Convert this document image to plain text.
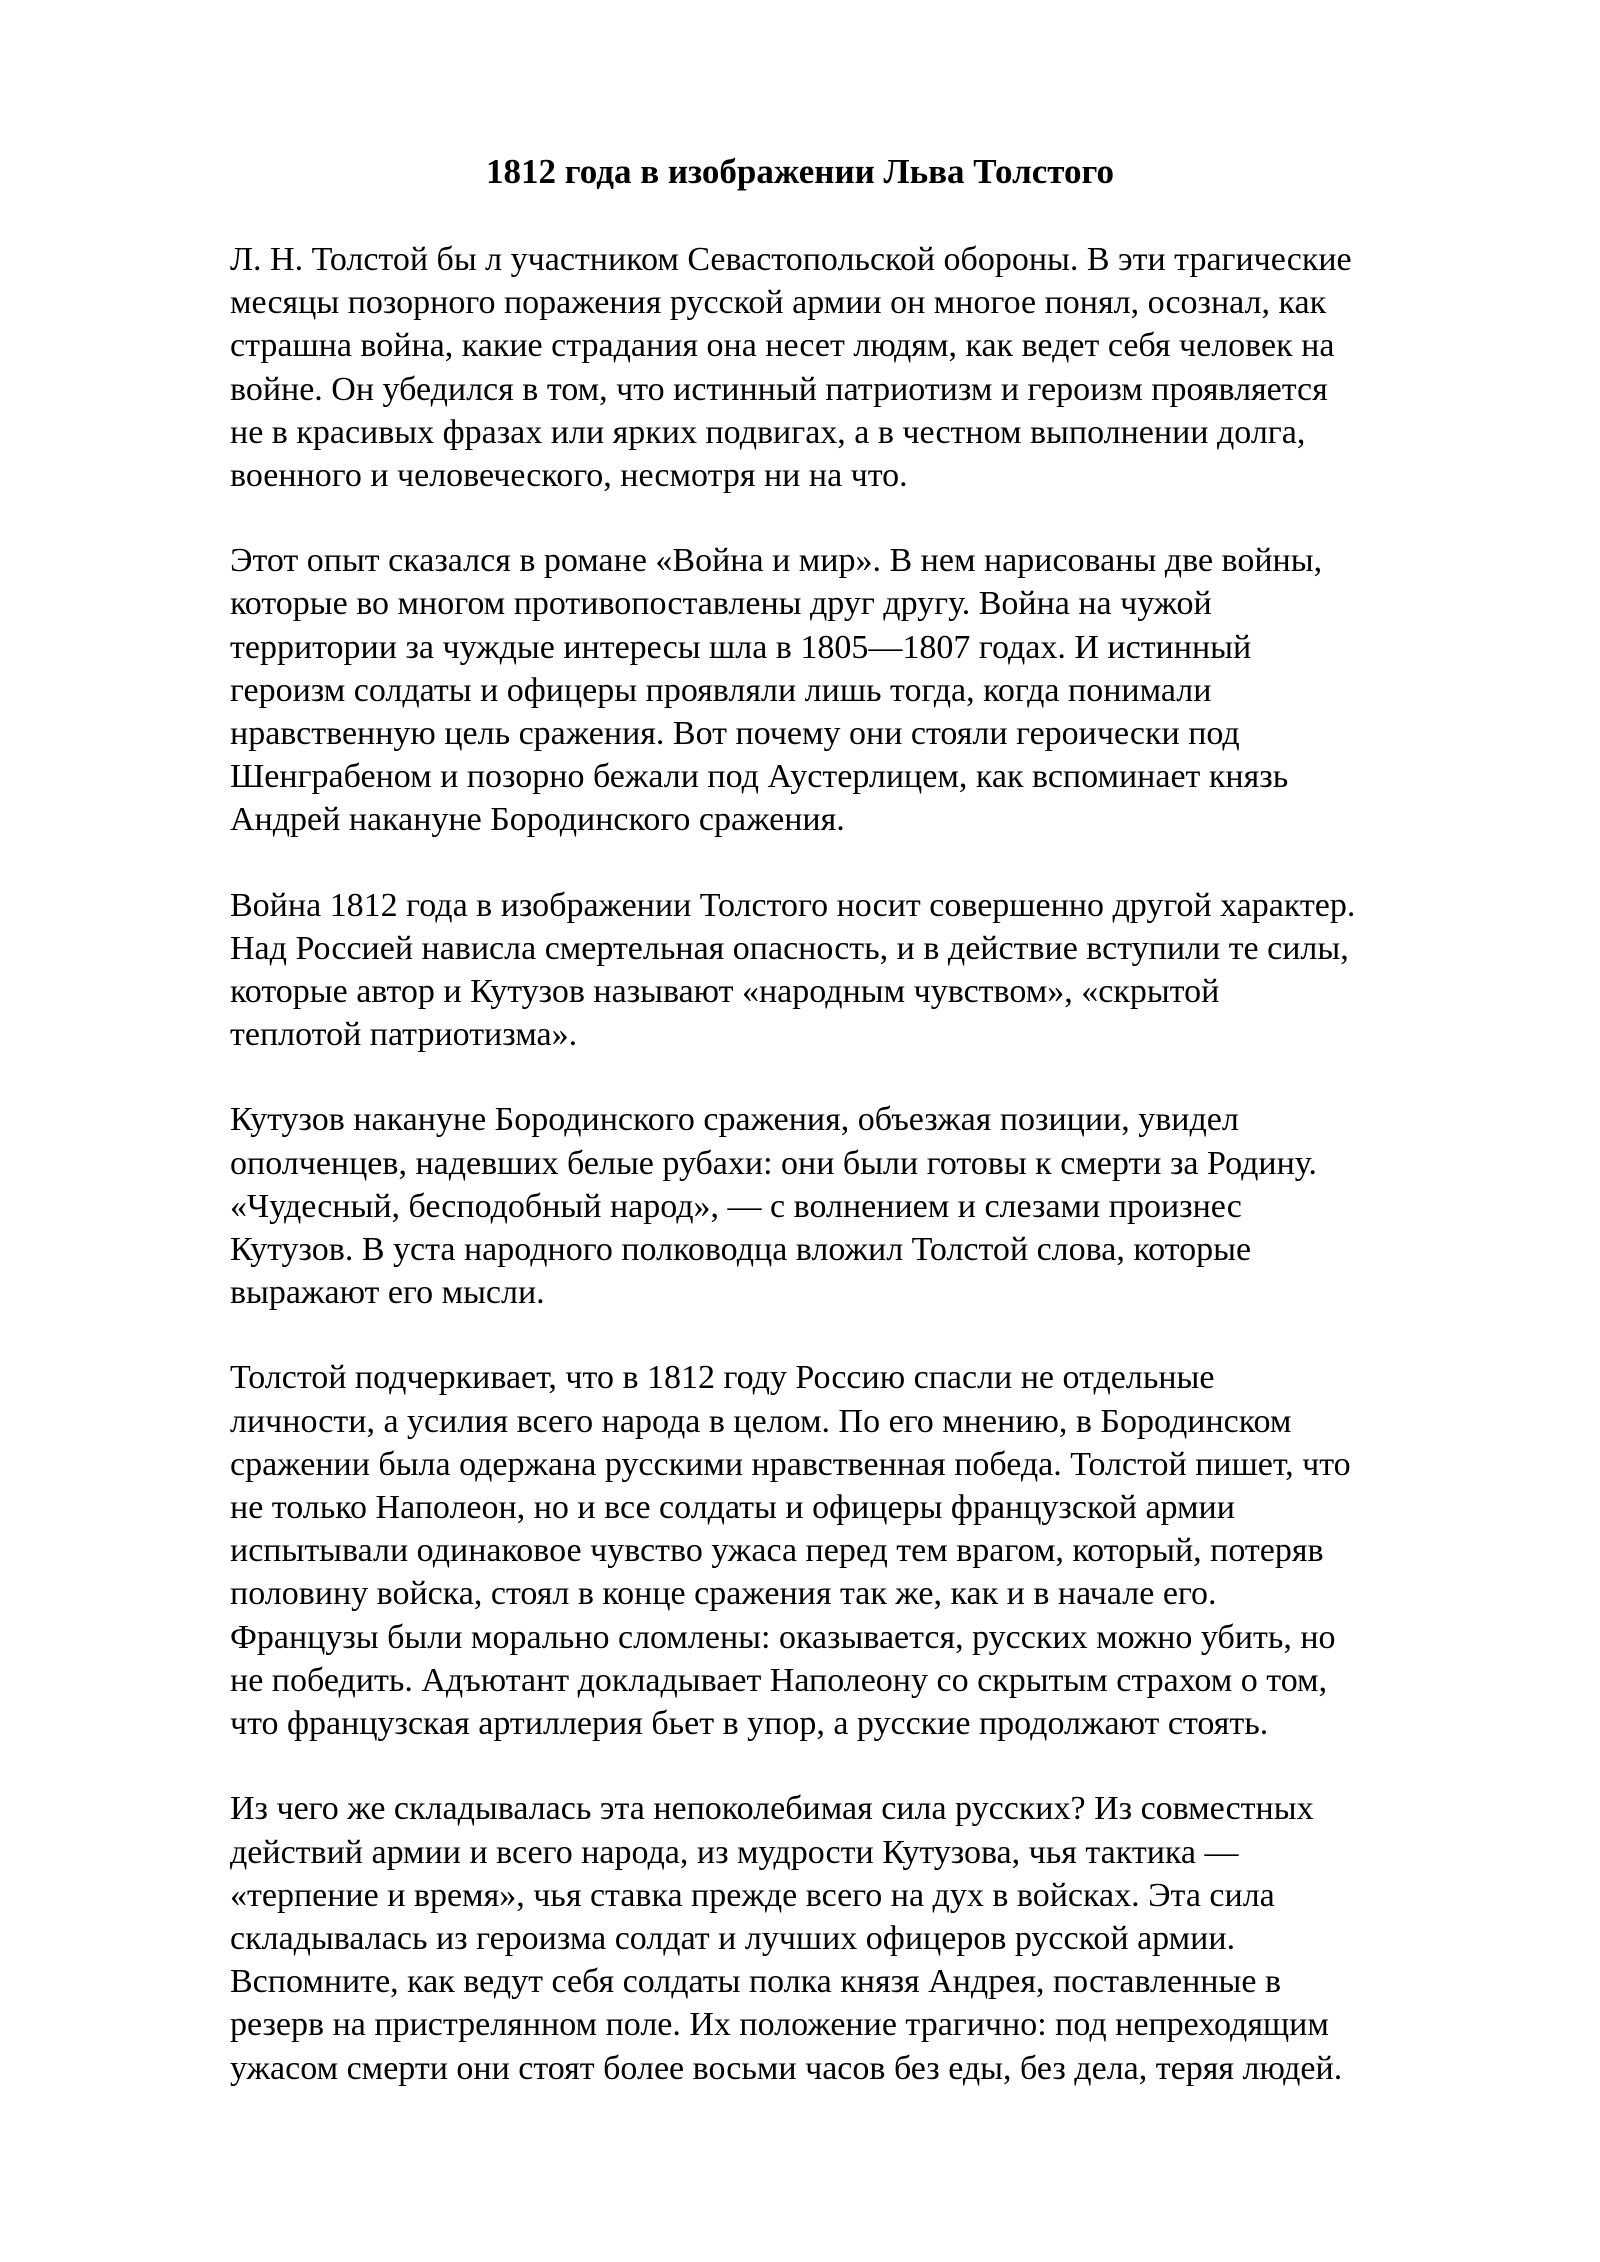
1812 года в изображении Льва Толстого

Л. Н. Толстой бы л участником Севастопольской обороны. В эти трагические
месяцы позорного поражения русской армии он многое понял, осознал, как
страшна война, какие страдания она несет людям, как ведет себя человек на
войне. Он убедился в том, что истинный патриотизм и героизм проявляется
не в красивых фразах или ярких подвигах, а в честном выполнении долга,
военного и человеческого, несмотря ни на что.

Этот опыт сказался в романе «Война и мир». В нем нарисованы две войны,
которые во многом противопоставлены друг другу. Война на чужой
территории за чуждые интересы шла в 1805—1807 годах. И истинный
героизм солдаты и офицеры проявляли лишь тогда, когда понимали
нравственную цель сражения. Вот почему они стояли героически под
Шенграбеном и позорно бежали под Аустерлицем, как вспоминает князь
Андрей накануне Бородинского сражения.

Война 1812 года в изображении Толстого носит совершенно другой характер.
Над Россией нависла смертельная опасность, и в действие вступили те силы,
которые автор и Кутузов называют «народным чувством», «скрытой
теплотой патриотизма».

Кутузов накануне Бородинского сражения, объезжая позиции, увидел
ополченцев, надевших белые рубахи: они были готовы к смерти за Родину.
«Чудесный, бесподобный народ», — с волнением и слезами произнес
Кутузов. В уста народного полководца вложил Толстой слова, которые
выражают его мысли.

Толстой подчеркивает, что в 1812 году Россию спасли не отдельные
личности, а усилия всего народа в целом. По его мнению, в Бородинском
сражении была одержана русскими нравственная победа. Толстой пишет, что
не только Наполеон, но и все солдаты и офицеры французской армии
испытывали одинаковое чувство ужаса перед тем врагом, который, потеряв
половину войска, стоял в конце сражения так же, как и в начале его.
Французы были морально сломлены: оказывается, русских можно убить, но
не победить. Адъютант докладывает Наполеону со скрытым страхом о том,
что французская артиллерия бьет в упор, а русские продолжают стоять.

Из чего же складывалась эта непоколебимая сила русских? Из совместных
действий армии и всего народа, из мудрости Кутузова, чья тактика —
«терпение и время», чья ставка прежде всего на дух в войсках. Эта сила
складывалась из героизма солдат и лучших офицеров русской армии.
Вспомните, как ведут себя солдаты полка князя Андрея, поставленные в
резерв на пристрелянном поле. Их положение трагично: под непреходящим
ужасом смерти они стоят более восьми часов без еды, без дела, теряя людей.
